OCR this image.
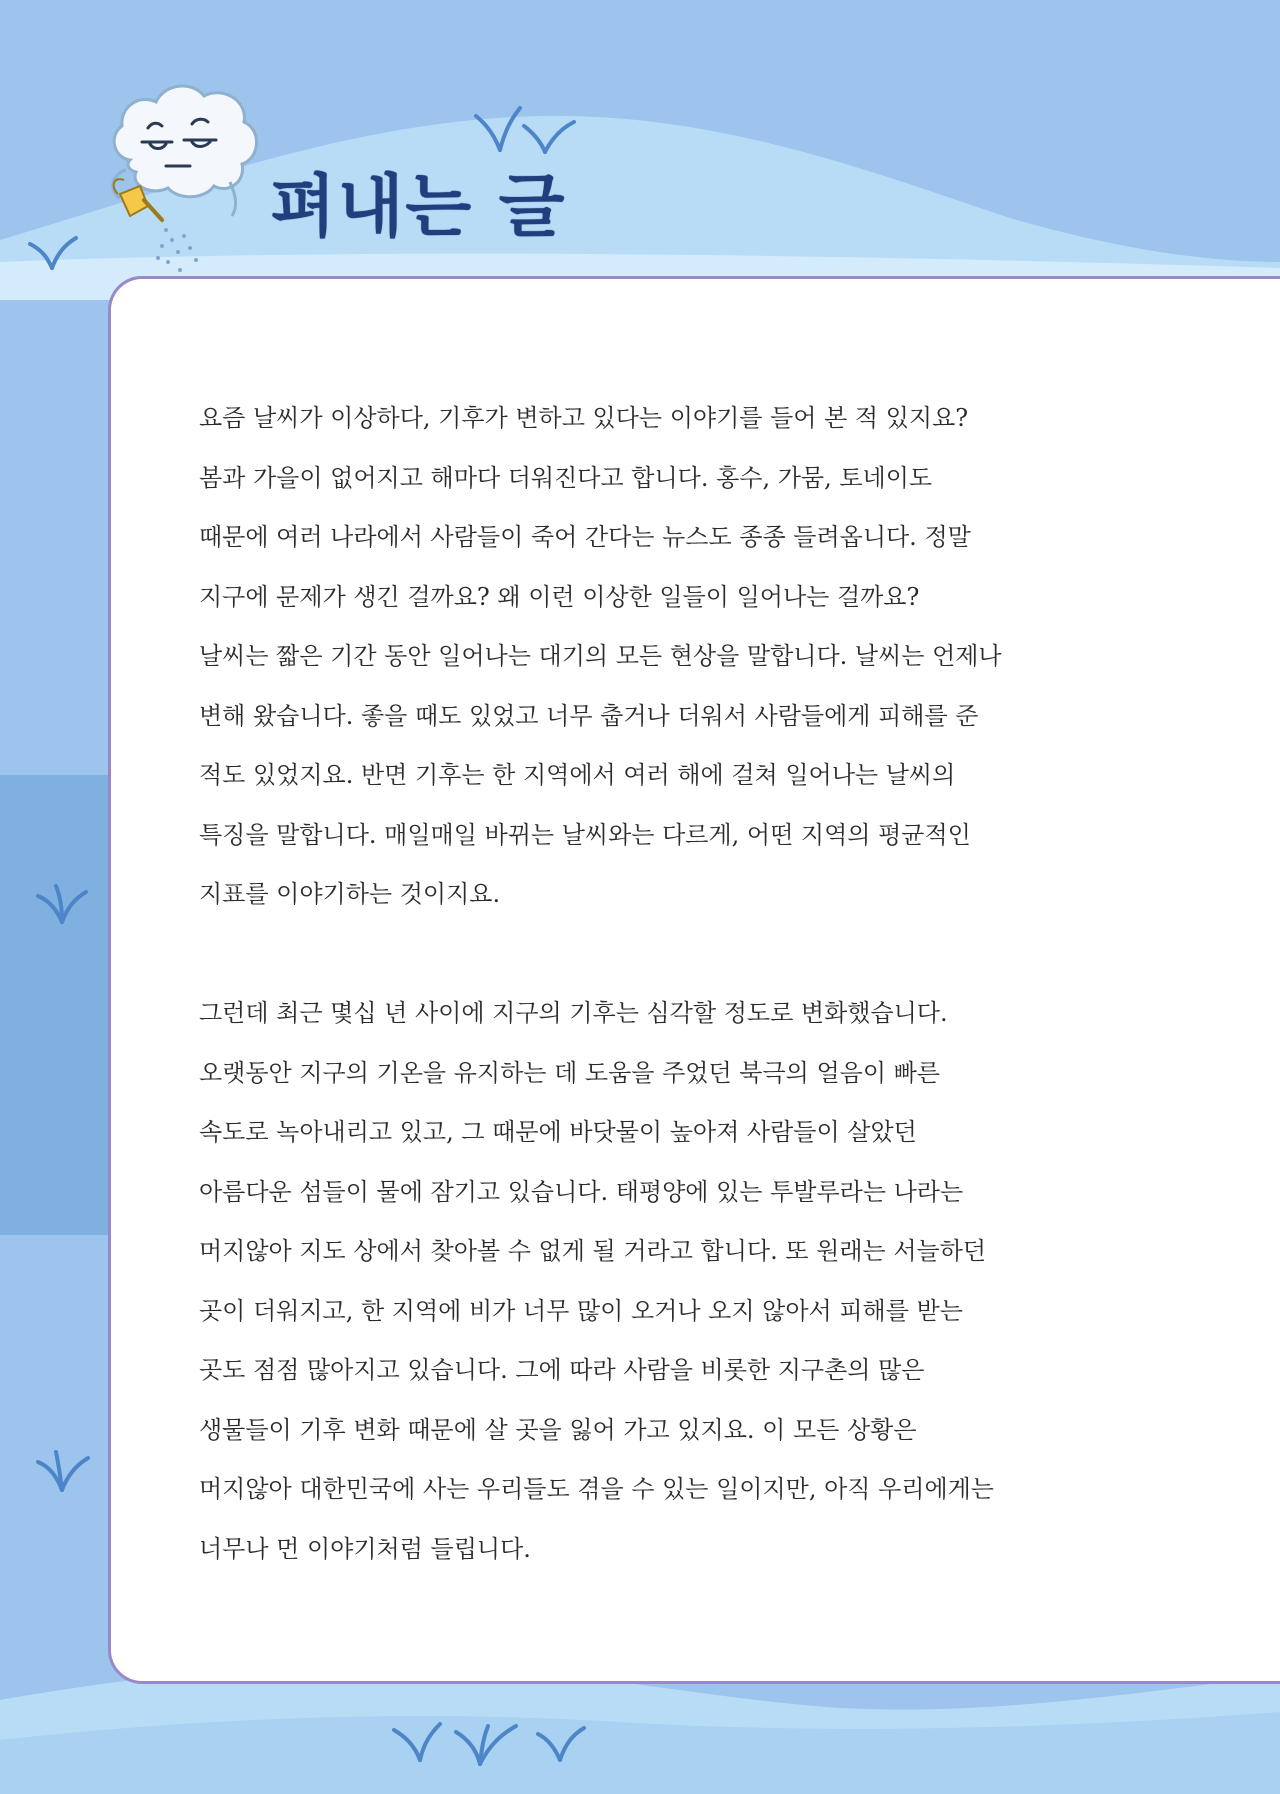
펴내는 글

요즘 날씨가 이상하다, 기후가 변하고 있다는 이야기를 들어 본 적 있지요?

봄과 가을이 없어지고 해마다 더워진다고 합니다. 홍수, 가뭄, 토네이도

때문에 여러 나라에서 사람들이 죽어 간다는 뉴스도 종종 들려옵니다. 정말

지구에 문제가 생긴 걸까요? 왜 이런 이상한 일들이 일어나는 걸까요?

날씨는 짧은 기간 동안 일어나는 대기의 모든 현상을 말합니다. 날씨는 언제나

변해 왔습니다. 좋을 때도 있었고 너무 춥거나 더워서 사람들에게 피해를 준

적도 있었지요. 반면 기후는 한 지역에서 여러 해에 걸쳐 일어나는 날씨의

특징을 말합니다. 매일매일 바뀌는 날씨와는 다르게, 어떤 지역의 평균적인

지표를 이야기하는 것이지요.

그런데 최근 몇십 년 사이에 지구의 기후는 심각할 정도로 변화했습니다.

오랫동안 지구의 기온을 유지하는 데 도움을 주었던 북극의 얼음이 빠른

속도로 녹아내리고 있고, 그 때문에 바닷물이 높아져 사람들이 살았던

아름다운 섬들이 물에 잠기고 있습니다. 태평양에 있는 투발루라는 나라는

머지않아 지도 상에서 찾아볼 수 없게 될 거라고 합니다. 또 원래는 서늘하던

곳이 더워지고, 한 지역에 비가 너무 많이 오거나 오지 않아서 피해를 받는

곳도 점점 많아지고 있습니다. 그에 따라 사람을 비롯한 지구촌의 많은

생물들이 기후 변화 때문에 살 곳을 잃어 가고 있지요. 이 모든 상황은

머지않아 대한민국에 사는 우리들도 겪을 수 있는 일이지만, 아직 우리에게는

너무나 먼 이야기처럼 들립니다.
